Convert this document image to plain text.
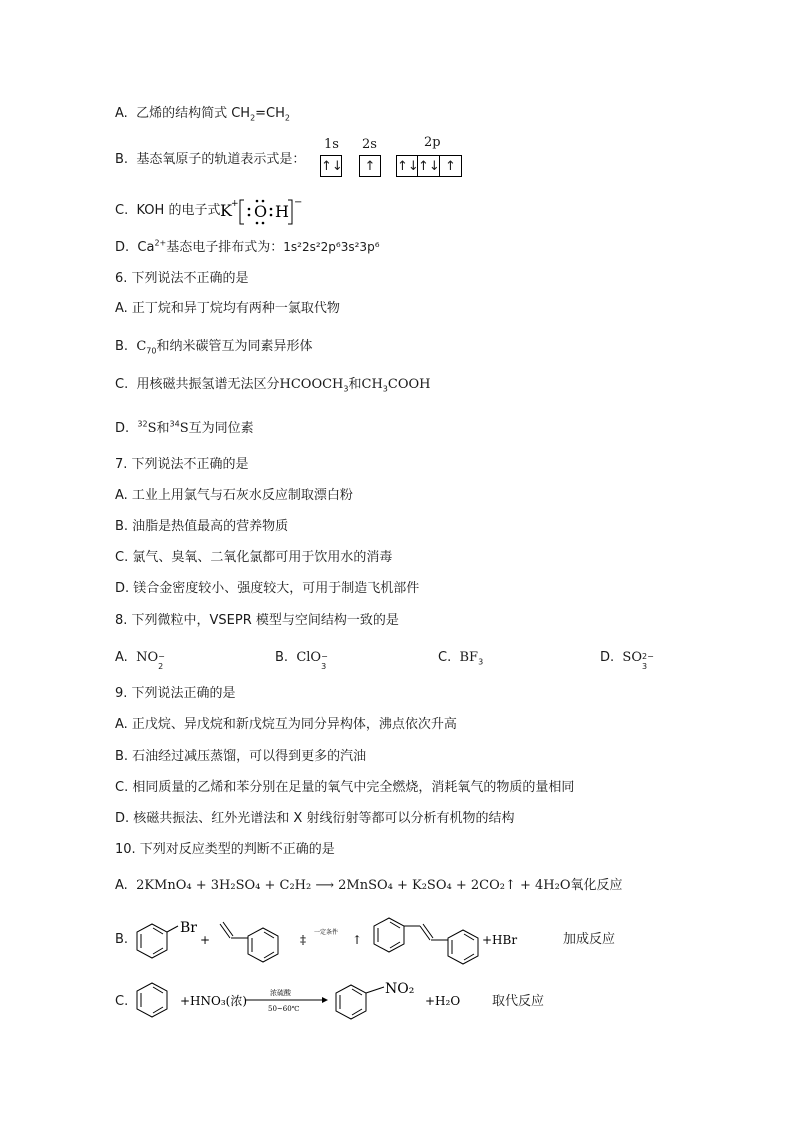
A. 乙烯的结构简式 $CH_2=CH_2$
B. 基态氧原子的轨道表示式是：
1s 2s	2p
↑↓	↑	↑↓ ↑↓ ↑
C. KOH 的电子式 K + O H −
D. $Ca^{2+}$基态电子排布式为：1s²2s²2p⁶3s²3p⁶
6. 下列说法不正确的是
A. 正丁烷和异丁烷均有两种一氯取代物
B. $C_{70}$和纳米碳管互为同素异形体
C. 用核磁共振氢谱无法区分$HCOOCH_3$和$CH_3COOH$
D. $^{32}$S和$^{34}$S互为同位素
7. 下列说法不正确的是
A. 工业上用氯气与石灰水反应制取漂白粉
B. 油脂是热值最高的营养物质
C. 氯气、臭氧、二氧化氯都可用于饮用水的消毒
D. 镁合金密度较小、强度较大，可用于制造飞机部件
8. 下列微粒中，VSEPR 模型与空间结构一致的是
A. NO −
2
B. ClO −
3
C. $BF_3$	D. SO 2−
3
9. 下列说法正确的是
A. 正戊烷、异戊烷和新戊烷互为同分异构体，沸点依次升高
B. 石油经过减压蒸馏，可以得到更多的汽油
C. 相同质量的乙烯和苯分别在足量的氧气中完全燃烧，消耗氧气的物质的量相同
D. 核磁共振法、红外光谱法和 X 射线衍射等都可以分析有机物的结构
10. 下列对反应类型的判断不正确的是
A. 2KMnO₄ + 3H₂SO₄ + C₂H₂ ⟶ 2MnSO₄ + K₂SO₄ + 2CO₂↑ + 4H₂O氧化反应
B.
Br
+	‡
一定条件
↑	+HBr	加成反应
C.	+HNO₃(浓)
浓硫酸
50~60℃
NO₂
+H₂O 取代反应
